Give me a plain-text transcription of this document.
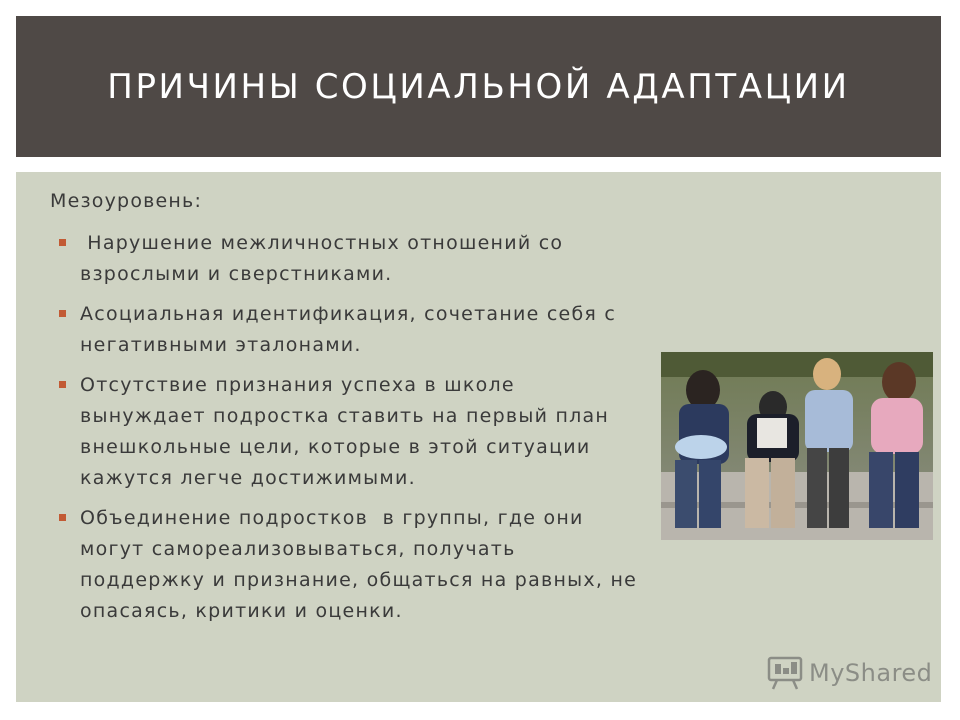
ПРИЧИНЫ СОЦИАЛЬНОЙ АДАПТАЦИИ
Мезоуровень:
Нарушение межличностных отношений со взрослыми и сверстниками.
Асоциальная идентификация, сочетание себя с негативными эталонами.
Отсутствие признания успеха в школе вынуждает подростка ставить на первый план внешкольные цели, которые в этой ситуации кажутся легче достижимыми.
Объединение подростков  в группы, где они могут самореализовываться, получать поддержку и признание, общаться на равных, не опасаясь, критики и оценки.
MyShared
